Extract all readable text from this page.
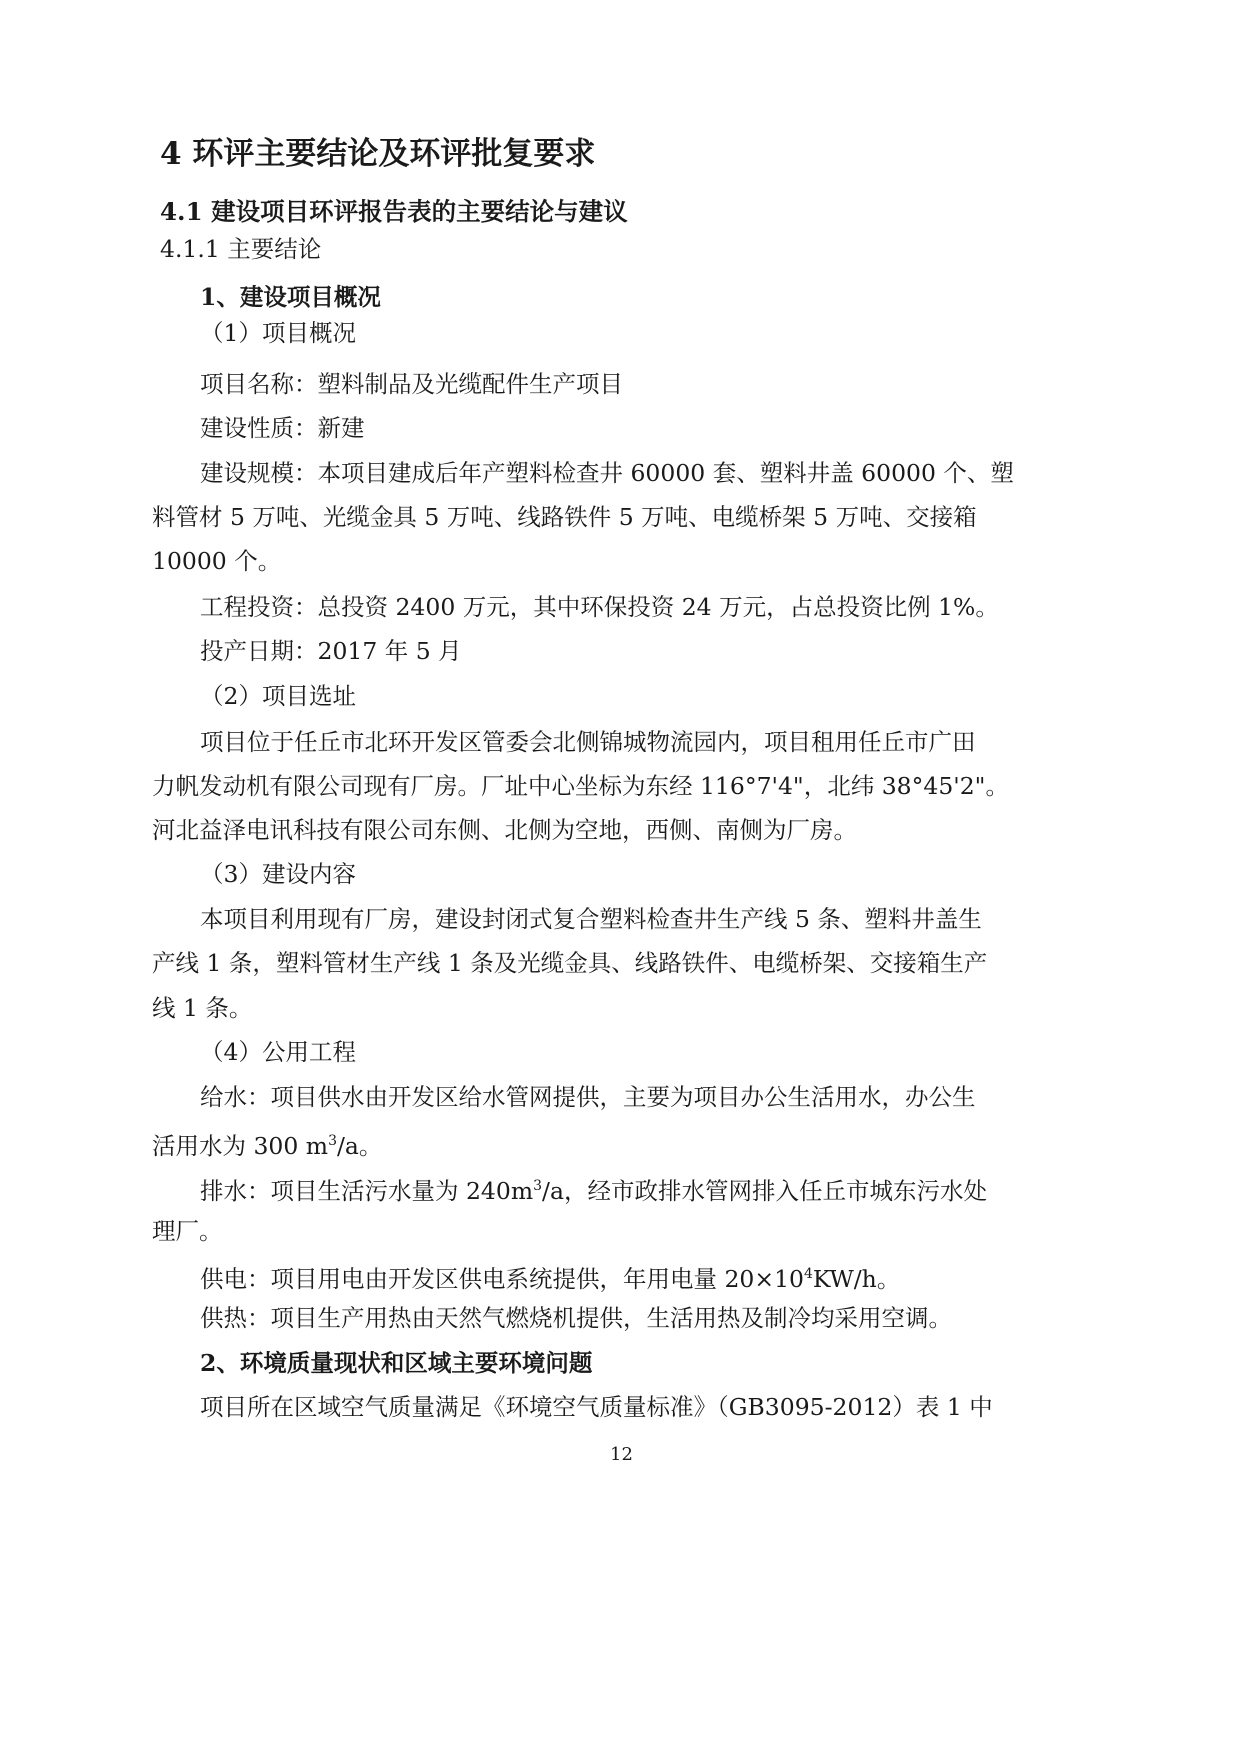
4 环评主要结论及环评批复要求
4.1 建设项目环评报告表的主要结论与建议
4.1.1 主要结论
1、建设项目概况
（1）项目概况
项目名称：塑料制品及光缆配件生产项目
建设性质：新建
建设规模：本项目建成后年产塑料检查井 60000 套、塑料井盖 60000 个、塑
料管材 5 万吨、光缆金具 5 万吨、线路铁件 5 万吨、电缆桥架 5 万吨、交接箱
10000 个。
工程投资：总投资 2400 万元，其中环保投资 24 万元，占总投资比例 1%。
投产日期：2017 年 5 月
（2）项目选址
项目位于任丘市北环开发区管委会北侧锦城物流园内，项目租用任丘市广田
力帆发动机有限公司现有厂房。厂址中心坐标为东经 116°7'4"，北纬 38°45'2"。
河北益泽电讯科技有限公司东侧、北侧为空地，西侧、南侧为厂房。
（3）建设内容
本项目利用现有厂房，建设封闭式复合塑料检查井生产线 5 条、塑料井盖生
产线 1 条，塑料管材生产线 1 条及光缆金具、线路铁件、电缆桥架、交接箱生产
线 1 条。
（4）公用工程
给水：项目供水由开发区给水管网提供，主要为项目办公生活用水，办公生
活用水为 300 $m^3/a$。
排水：项目生活污水量为 $240m^3/a$，经市政排水管网排入任丘市城东污水处
理厂。
供电：项目用电由开发区供电系统提供，年用电量 $20\times 10^4KW/h$。
供热：项目生产用热由天然气燃烧机提供，生活用热及制冷均采用空调。
2、环境质量现状和区域主要环境问题
项目所在区域空气质量满足《环境空气质量标准》（GB3095-2012）表 1 中
12
